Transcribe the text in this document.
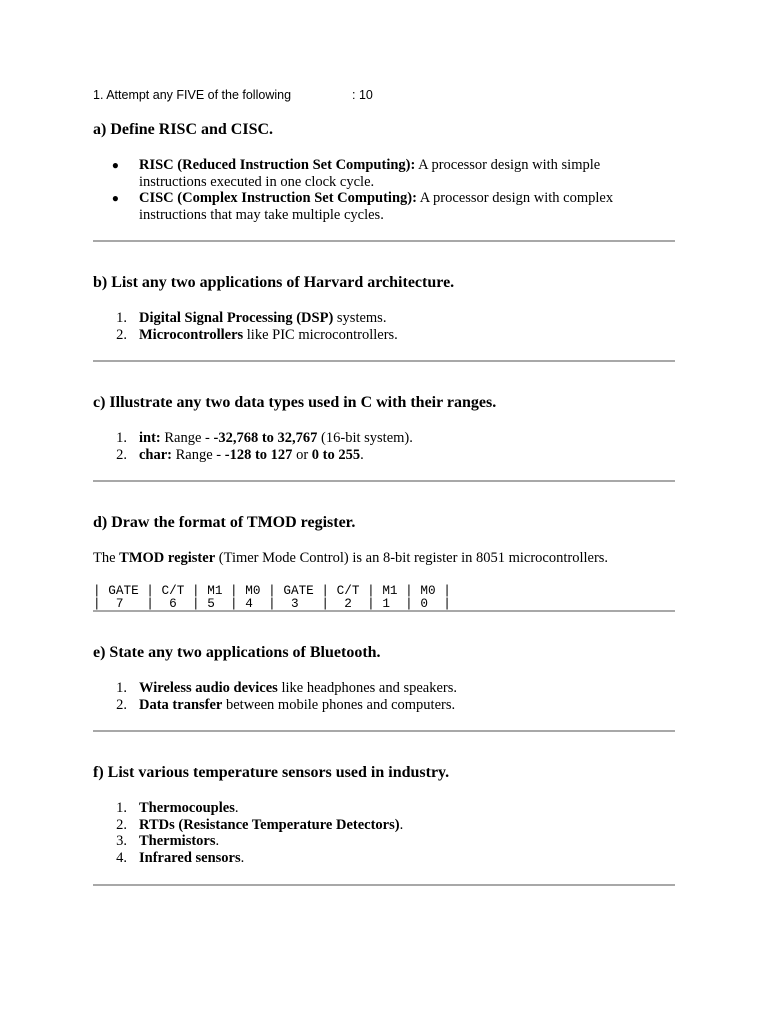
1. Attempt any FIVE of the following	: 10
a) Define RISC and CISC.
● RISC (Reduced Instruction Set Computing): A processor design with simple
instructions executed in one clock cycle.
● CISC (Complex Instruction Set Computing): A processor design with complex
instructions that may take multiple cycles.
b) List any two applications of Harvard architecture.
1. Digital Signal Processing (DSP) systems.
2. Microcontrollers like PIC microcontrollers.
c) Illustrate any two data types used in C with their ranges.
1. int: Range - -32,768 to 32,767 (16-bit system).
2. char: Range - -128 to 127 or 0 to 255.
d) Draw the format of TMOD register.

The TMOD register (Timer Mode Control) is an 8-bit register in 8051 microcontrollers.

| GATE | C/T | M1 | M0 | GATE | C/T | M1 | M0 |
|  7   |  6  | 5  | 4  |  3   |  2  | 1  | 0  |
e) State any two applications of Bluetooth.
1. Wireless audio devices like headphones and speakers.
2. Data transfer between mobile phones and computers.
f) List various temperature sensors used in industry.
1. Thermocouples.
2. RTDs (Resistance Temperature Detectors).
3. Thermistors.
4. Infrared sensors.
